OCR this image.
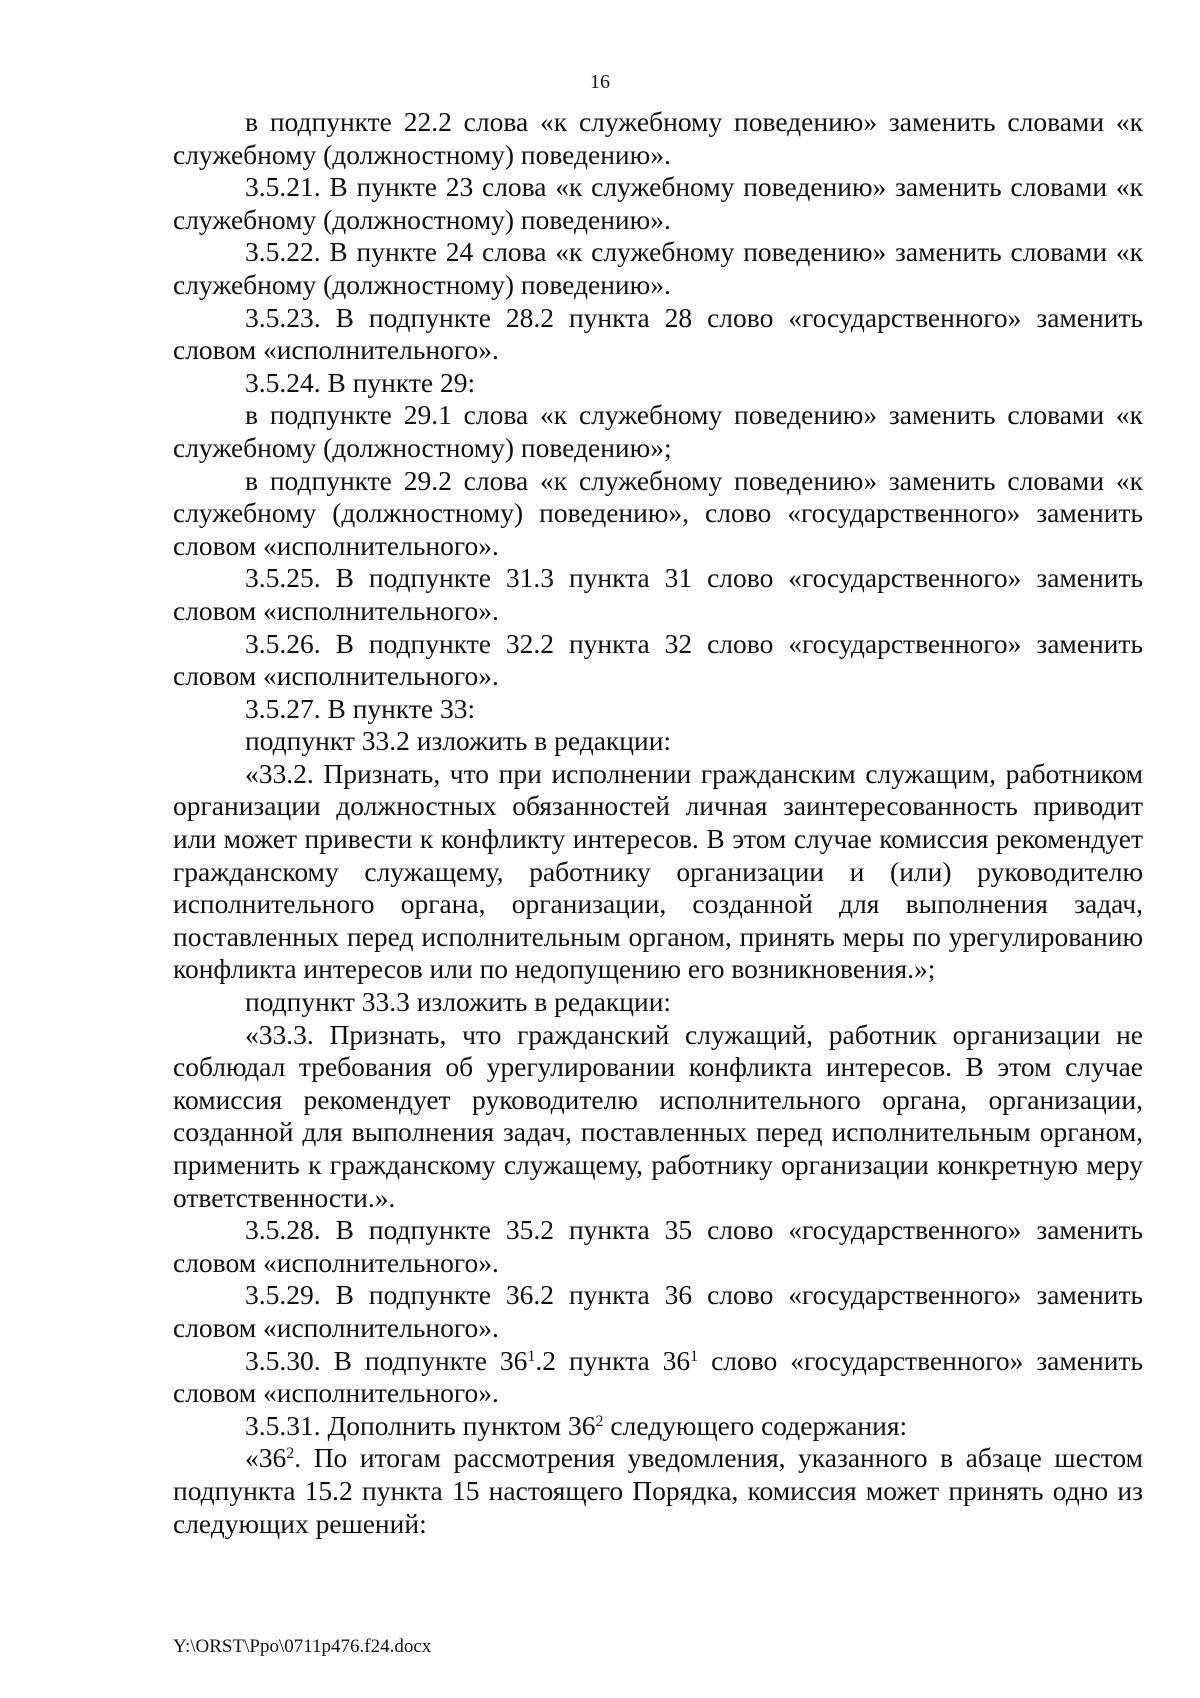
16

в подпункте 22.2 слова «к служебному поведению» заменить словами «к служебному (должностному) поведению».

3.5.21. В пункте 23 слова «к служебному поведению» заменить словами «к служебному (должностному) поведению».

3.5.22. В пункте 24 слова «к служебному поведению» заменить словами «к служебному (должностному) поведению».

3.5.23. В подпункте 28.2 пункта 28 слово «государственного» заменить словом «исполнительного».

3.5.24. В пункте 29:

в подпункте 29.1 слова «к служебному поведению» заменить словами «к служебному (должностному) поведению»;

в подпункте 29.2 слова «к служебному поведению» заменить словами «к служебному (должностному) поведению», слово «государственного» заменить словом «исполнительного».

3.5.25. В подпункте 31.3 пункта 31 слово «государственного» заменить словом «исполнительного».

3.5.26. В подпункте 32.2 пункта 32 слово «государственного» заменить словом «исполнительного».

3.5.27. В пункте 33:

подпункт 33.2 изложить в редакции:

«33.2. Признать, что при исполнении гражданским служащим, работником организации должностных обязанностей личная заинтересованность приводит или может привести к конфликту интересов. В этом случае комиссия рекомендует гражданскому служащему, работнику организации и (или) руководителю исполнительного органа, организации, созданной для выполнения задач, поставленных перед исполнительным органом, принять меры по урегулированию конфликта интересов или по недопущению его возникновения.»;

подпункт 33.3 изложить в редакции:

«33.3. Признать, что гражданский служащий, работник организации не соблюдал требования об урегулировании конфликта интересов. В этом случае комиссия рекомендует руководителю исполнительного органа, организации, созданной для выполнения задач, поставленных перед исполнительным органом, применить к гражданскому служащему, работнику организации конкретную меру ответственности.».

3.5.28. В подпункте 35.2 пункта 35 слово «государственного» заменить словом «исполнительного».

3.5.29. В подпункте 36.2 пункта 36 слово «государственного» заменить словом «исполнительного».

3.5.30. В подпункте $36^1.2$ пункта $36^1$ слово «государственного» заменить словом «исполнительного».

3.5.31. Дополнить пунктом $36^2$ следующего содержания:

«$36^2$. По итогам рассмотрения уведомления, указанного в абзаце шестом подпункта 15.2 пункта 15 настоящего Порядка, комиссия может принять одно из следующих решений:

Y:\ORST\Ppo\0711p476.f24.docx
